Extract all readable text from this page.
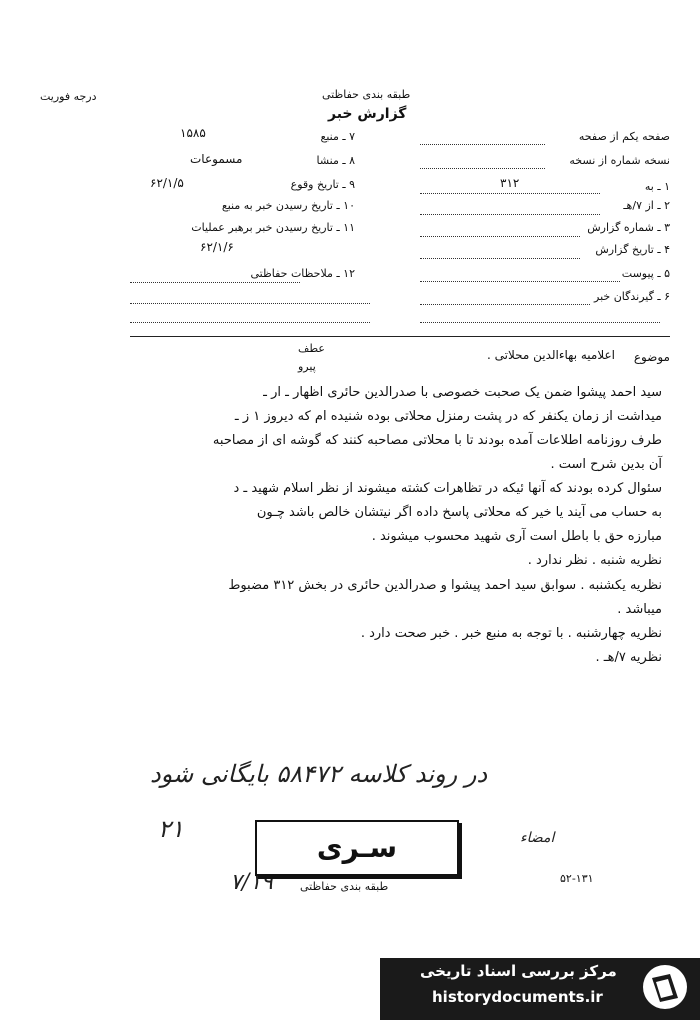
درجه فوریت	طبقه بندی حفاظتی
گزارش خبر
صفحه یکم از صفحه
نسخه شماره از نسخه
۱ ـ به
۳۱۲
۲ ـ از ۷/هـ
۳ ـ شماره گزارش
۴ ـ تاریخ گزارش
۵ ـ پیوست
۶ ـ گیرندگان خبر
۷ ـ منبع
۱۵۸۵
۸ ـ منشا
مسموعات
۹ ـ تاریخ وقوع
۶۲/۱/۵
۱۰ ـ تاریخ رسیدن خبر به منبع
۱۱ ـ تاریخ رسیدن خبر برهبر عملیات
۶۲/۱/۶
۱۲ ـ ملاحظات حفاظتی
موضوع
اعلامیه بهاءالدین محلاتی .
عطف
پیرو
سید احمد پیشوا ضمن یک صحبت خصوصی با صدرالدین حائری اظهار ـ ار ـ
میداشت از زمان یکنفر که در پشت رمنزل محلاتی بوده شنیده ام که دیروز ۱ ز ـ
طرف روزنامه اطلاعات آمده بودند تا با محلاتی مصاحبه کنند که گوشه ای از مصاحبه
آن بدین شرح است .
سئوال کرده بودند که آنها ئیکه در تظاهرات کشته میشوند از نظر اسلام شهید ـ د
به حساب می آیند یا خیر که محلاتی پاسخ داده اگر نیتشان خالص باشد چـون
مبارزه حق با باطل است آری شهید محسوب میشوند .
نظریه شنبه . نظر ندارد .
نظریه یکشنبه . سوابق سید احمد پیشوا و صدرالدین حائری در بخش ۳۱۲ مضبوط
میباشد .
نظریه چهارشنبه . با توجه به منبع خبر . خبر صحت دارد .
نظریه ۷/هـ .
در روند کلاسه ۵۸۴۷۲ بایگانی شود
۲۱
۷/۱۹
امضاء
سـری
طبقه بندی حفاظتی
۵۲-۱۳۱
مرکز بررسی اسناد تاریخی
historydocuments.ir
